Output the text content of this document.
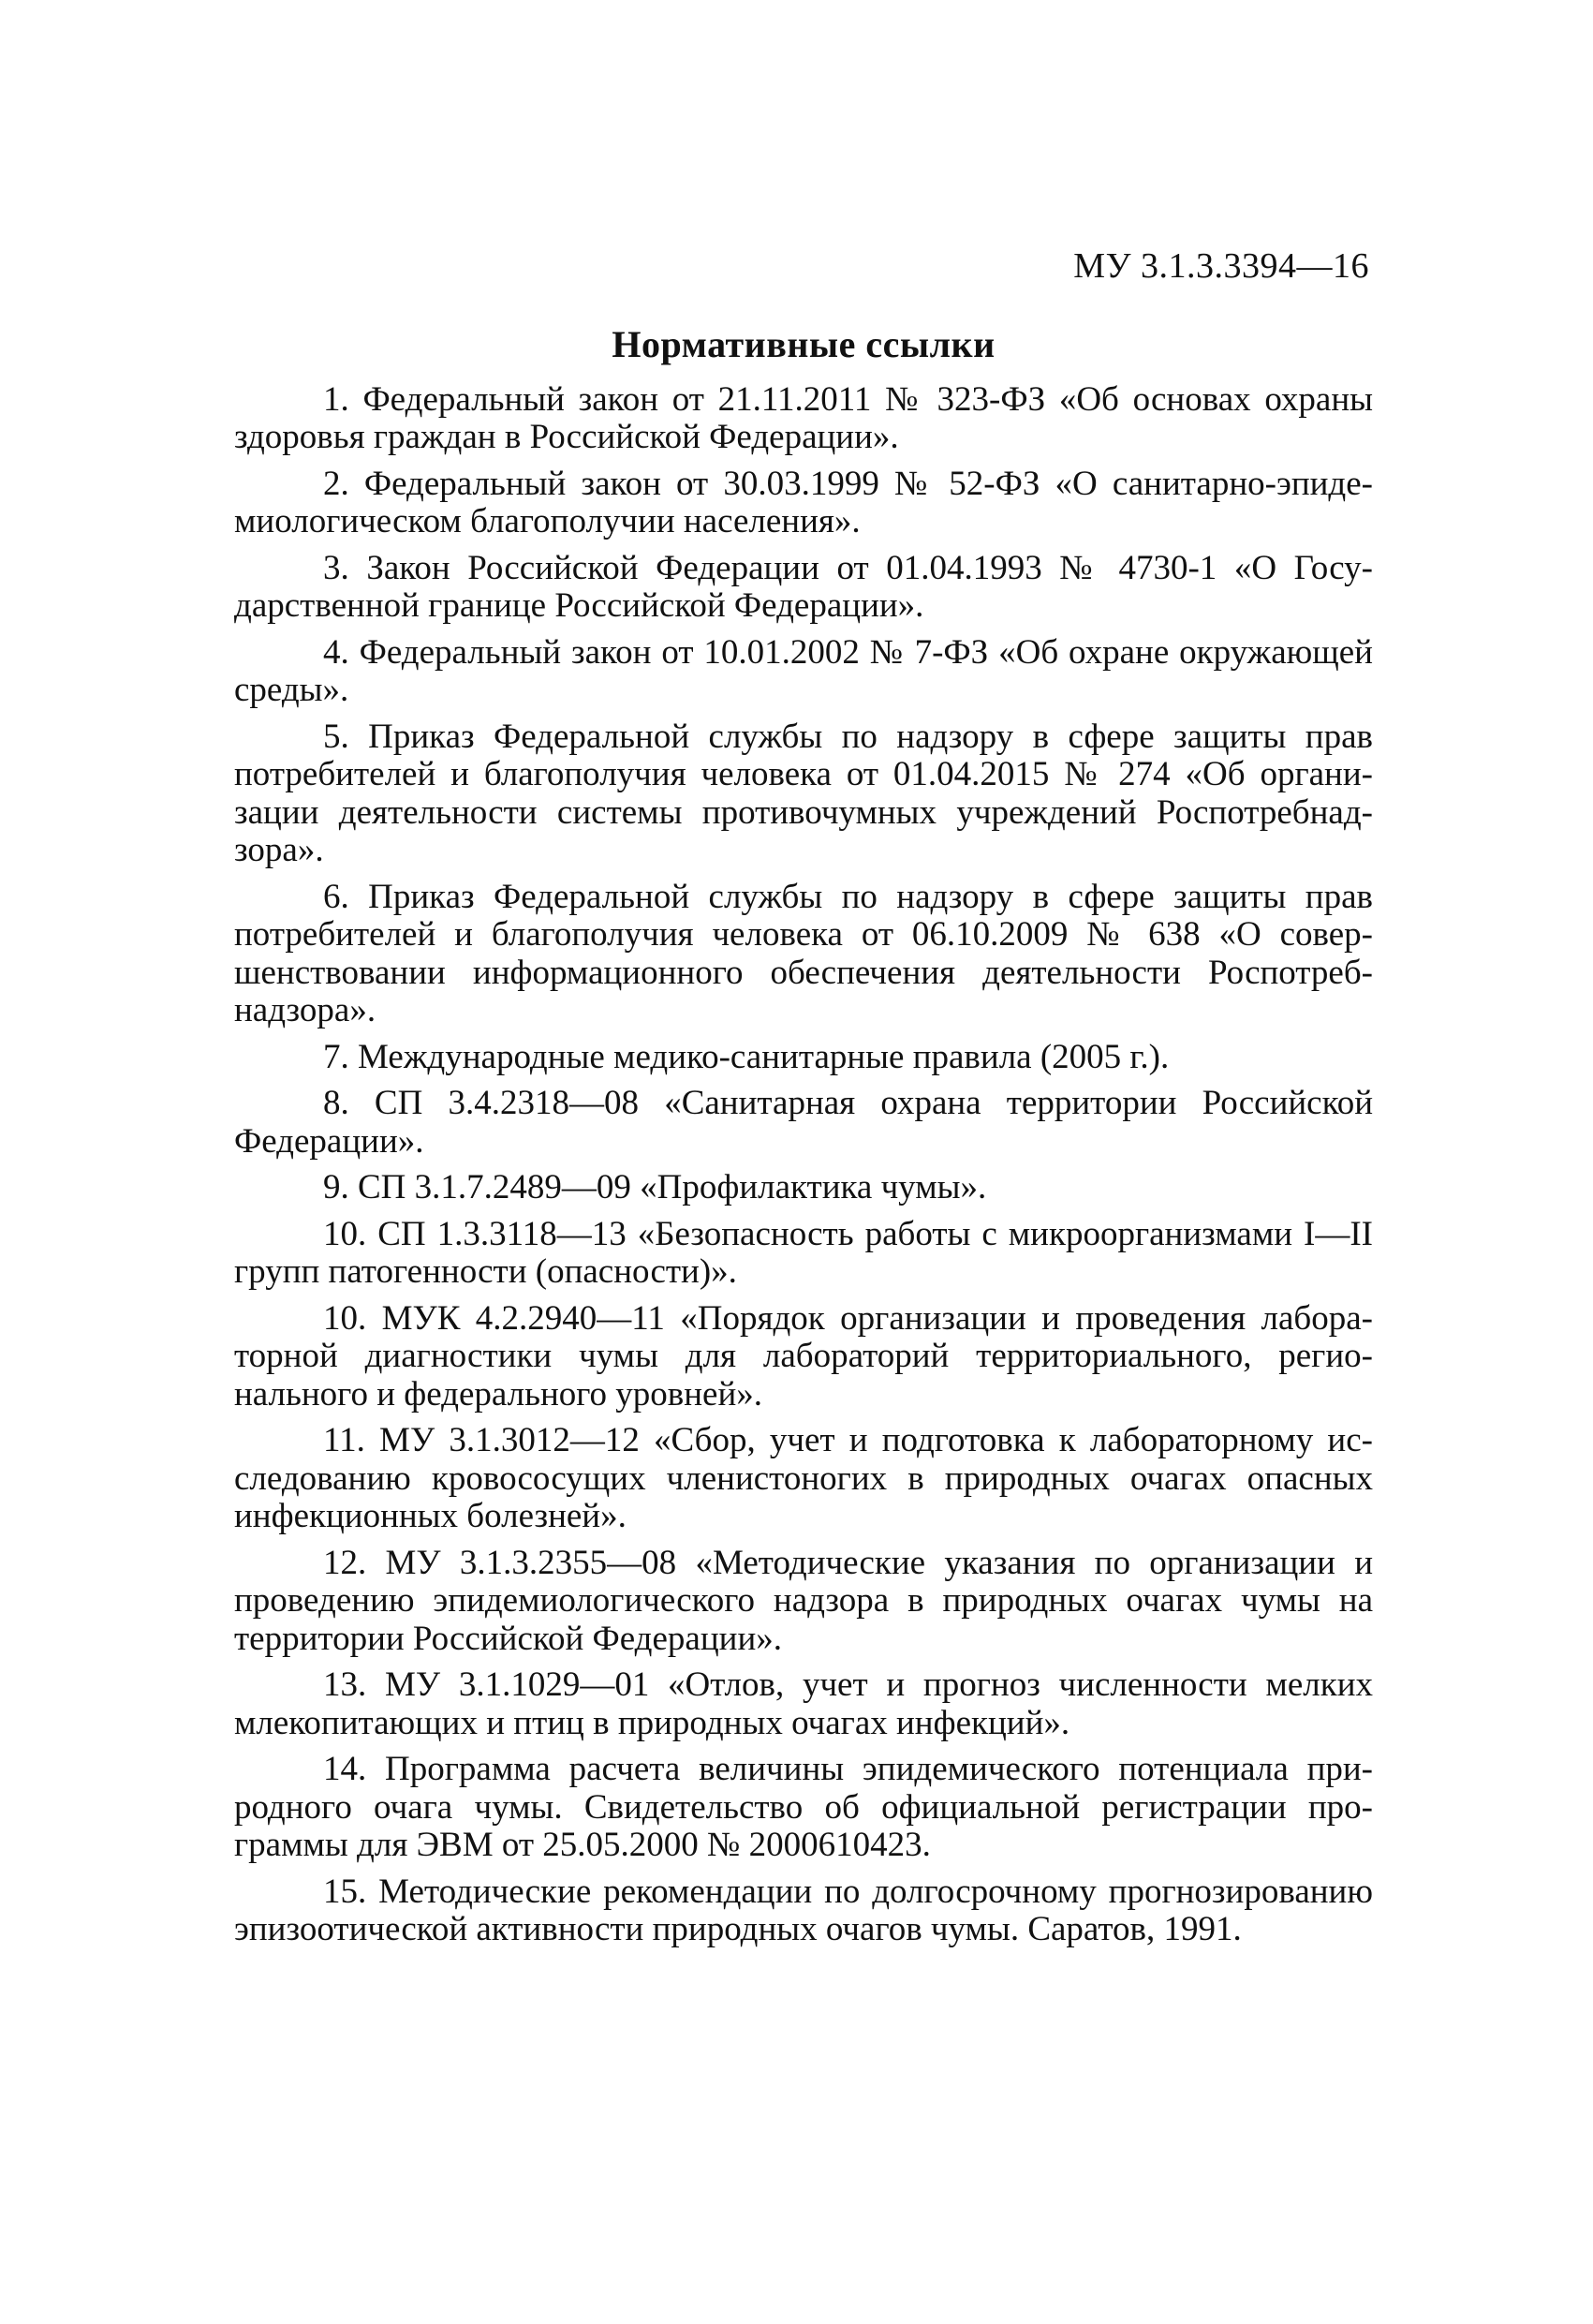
МУ 3.1.3.3394—16
Нормативные ссылки
1. Федеральный закон от 21.11.2011 № 323-ФЗ «Об основах охраны здоровья граждан в Российской Федерации».
2. Федеральный закон от 30.03.1999 № 52-ФЗ «О санитарно-эпидемиологическом благополучии населения».
3. Закон Российской Федерации от 01.04.1993 № 4730-1 «О Государственной границе Российской Федерации».
4. Федеральный закон от 10.01.2002 № 7-ФЗ «Об охране окружающей среды».
5. Приказ Федеральной службы по надзору в сфере защиты прав потребителей и благополучия человека от 01.04.2015 № 274 «Об организации деятельности системы противочумных учреждений Роспотребнадзора».
6. Приказ Федеральной службы по надзору в сфере защиты прав потребителей и благополучия человека от 06.10.2009 № 638 «О совершенствовании информационного обеспечения деятельности Роспотребнадзора».
7. Международные медико-санитарные правила (2005 г.).
8. СП 3.4.2318—08 «Санитарная охрана территории Российской Федерации».
9. СП 3.1.7.2489—09 «Профилактика чумы».
10. СП 1.3.3118—13 «Безопасность работы с микроорганизмами I—II групп патогенности (опасности)».
10. МУК 4.2.2940—11 «Порядок организации и проведения лабораторной диагностики чумы для лабораторий территориального, регионального и федерального уровней».
11. МУ 3.1.3012—12 «Сбор, учет и подготовка к лабораторному исследованию кровососущих членистоногих в природных очагах опасных инфекционных болезней».
12. МУ 3.1.3.2355—08 «Методические указания по организации и проведению эпидемиологического надзора в природных очагах чумы на территории Российской Федерации».
13. МУ 3.1.1029—01 «Отлов, учет и прогноз численности мелких млекопитающих и птиц в природных очагах инфекций».
14. Программа расчета величины эпидемического потенциала природного очага чумы. Свидетельство об официальной регистрации программы для ЭВМ от 25.05.2000 № 2000610423.
15. Методические рекомендации по долгосрочному прогнозированию эпизоотической активности природных очагов чумы. Саратов, 1991.
